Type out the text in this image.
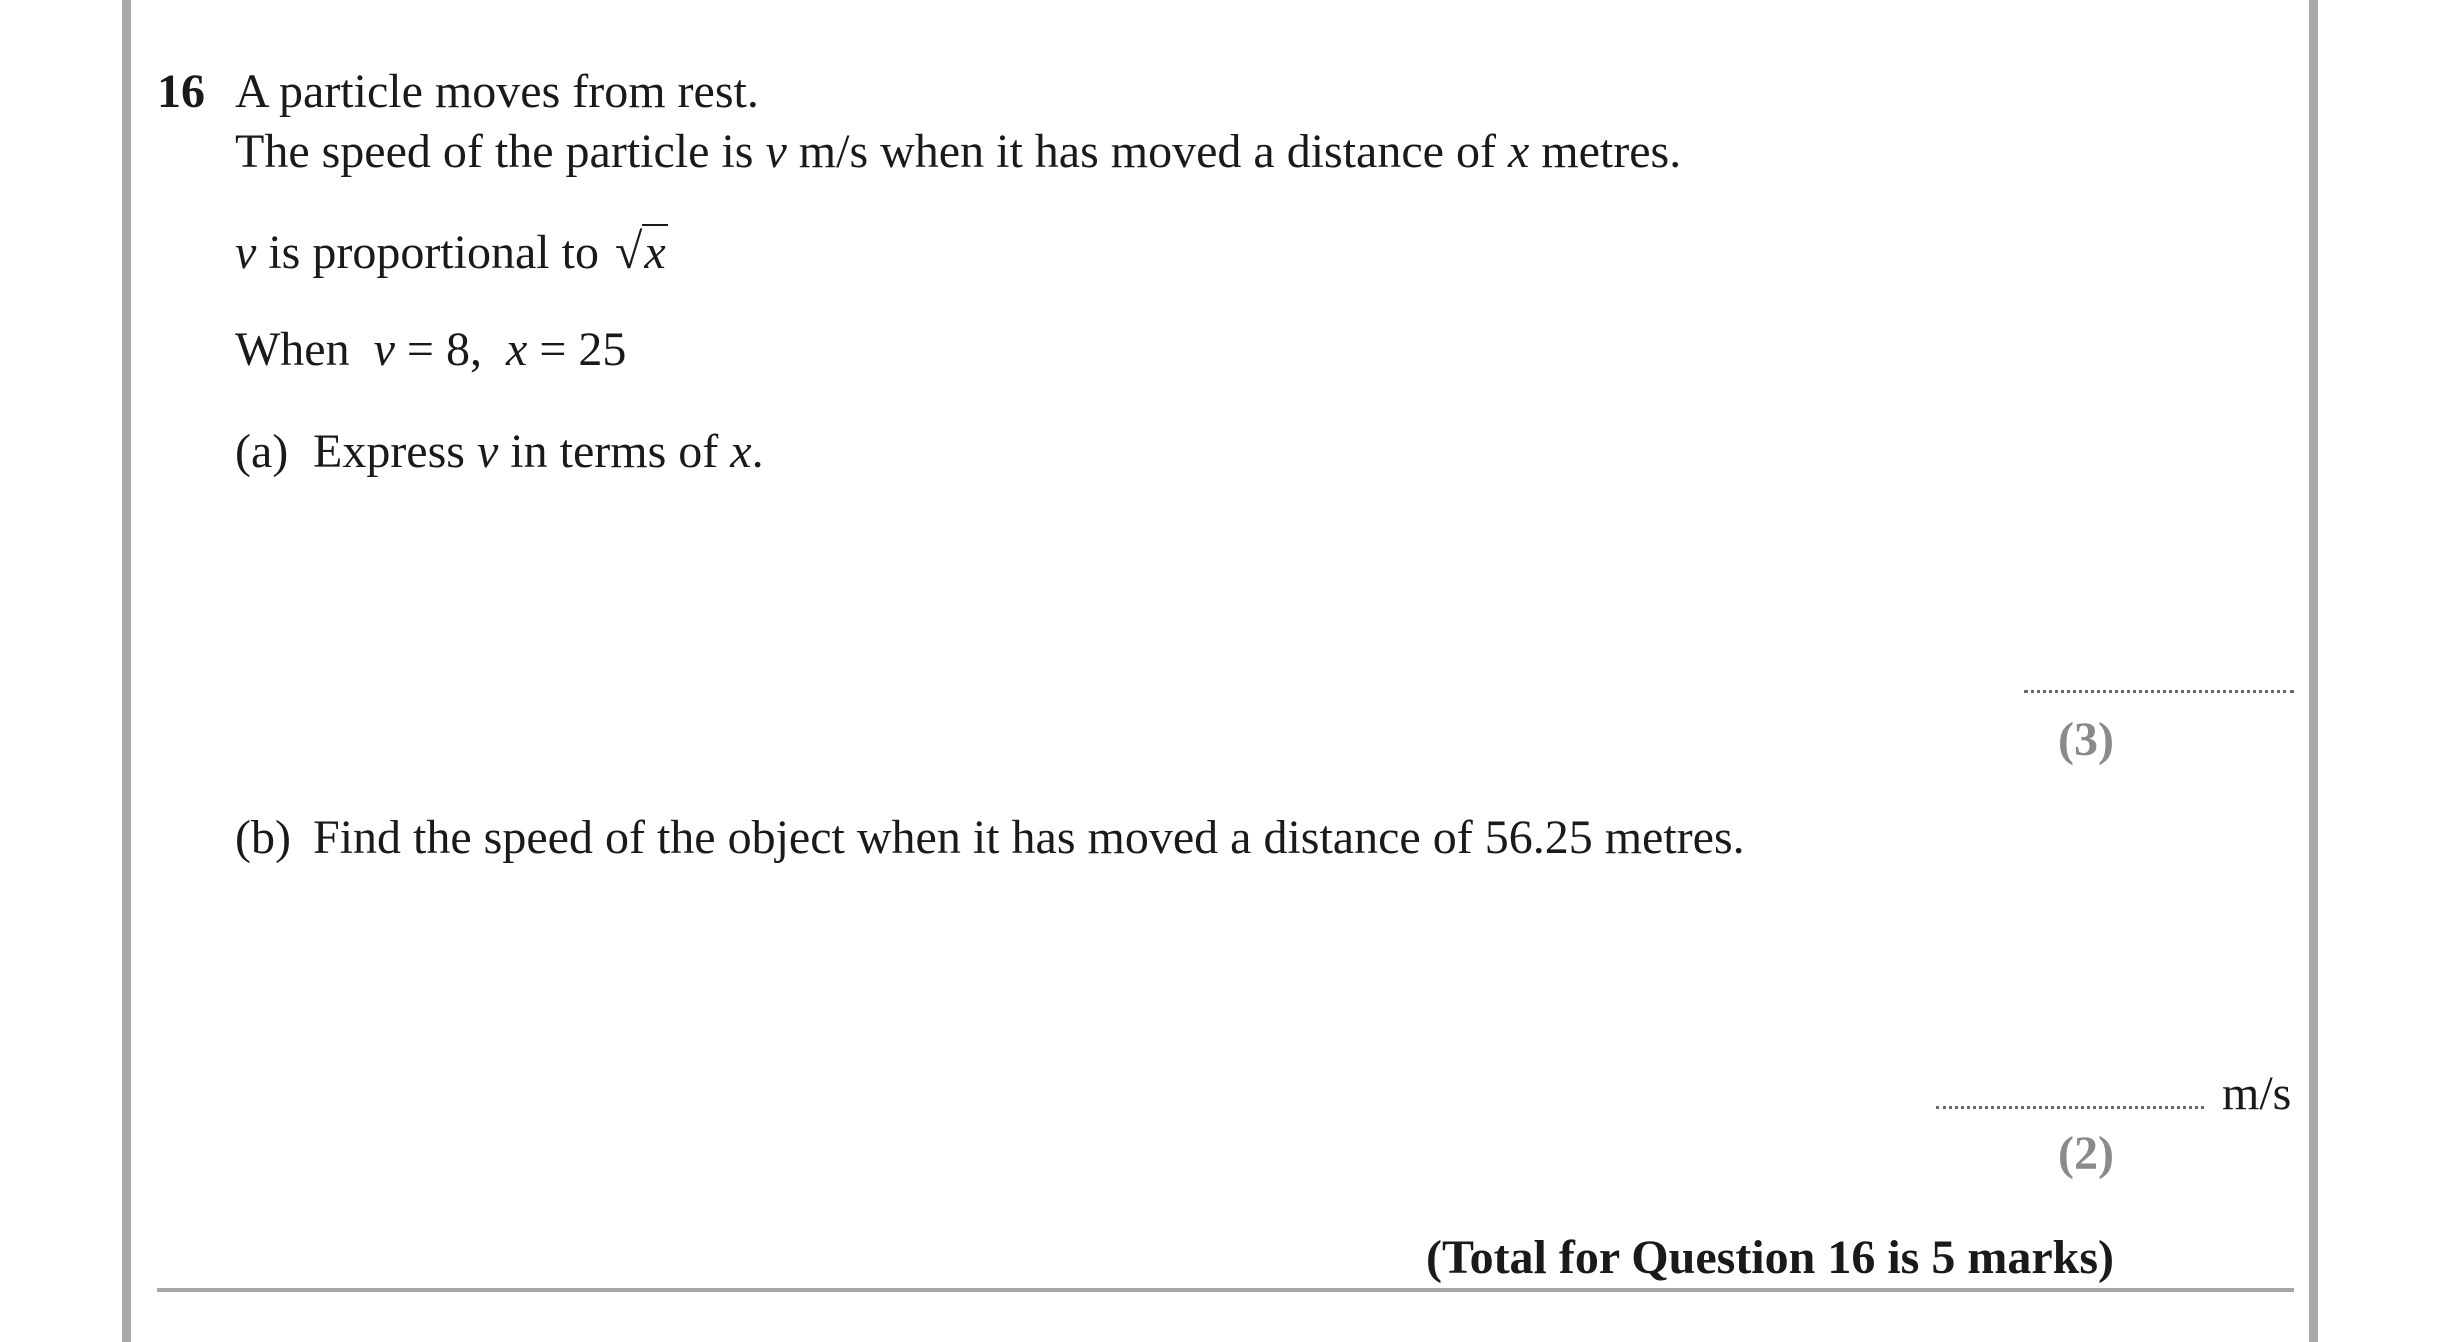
16 A particle moves from rest.
The speed of the particle is v m/s when it has moved a distance of x metres.
v is proportional to √x
When v = 8, x = 25
(a) Express v in terms of x.
(3)
(b) Find the speed of the object when it has moved a distance of 56.25 metres.
m/s
(2)
(Total for Question 16 is 5 marks)
